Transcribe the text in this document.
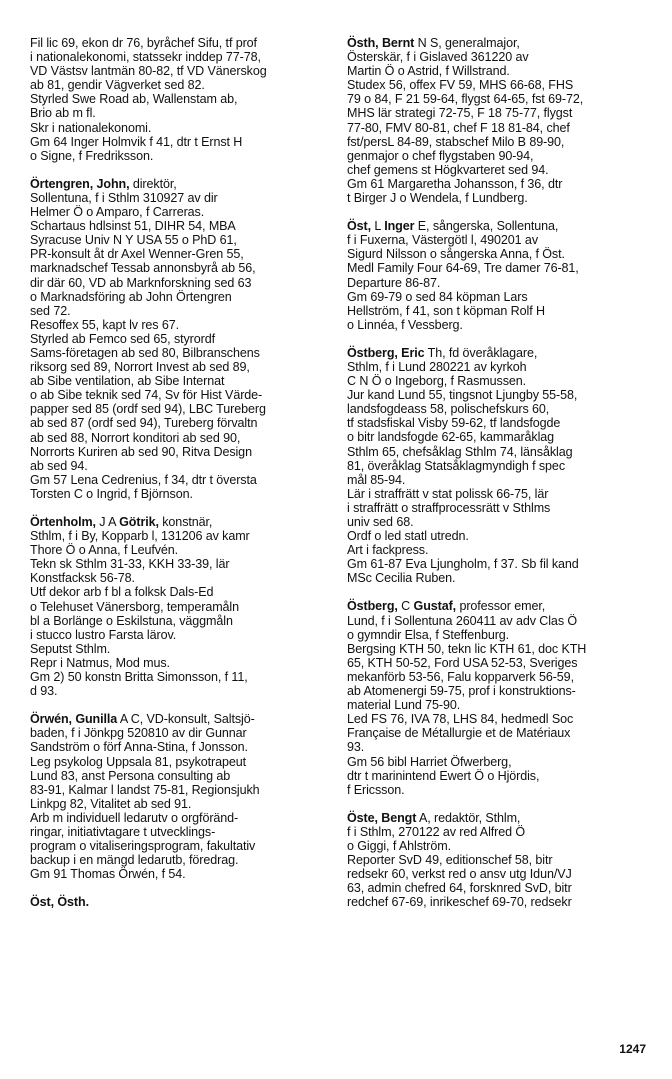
Fil lic 69, ekon dr 76, byråchef Sifu, tf prof
i nationalekonomi, statssekr inddep 77-78,
VD Västsv lantmän 80-82, tf VD Vänerskog
ab 81, gendir Vägverket sed 82.
Styrled Swe Road ab, Wallenstam ab,
Brio ab m fl.
Skr i nationalekonomi.
Gm 64 Inger Holmvik f 41, dtr t Ernst H
o Signe, f Fredriksson.
Örtengren, John, direktör,
Sollentuna, f i Sthlm 310927 av dir
Helmer Ö o Amparo, f Carreras.
Schartaus hdlsinst 51, DIHR 54, MBA
Syracuse Univ N Y USA 55 o PhD 61,
PR-konsult åt dr Axel Wenner-Gren 55,
marknadschef Tessab annonsbyrå ab 56,
dir där 60, VD ab Marknforskning sed 63
o Marknadsföring ab John Örtengren
sed 72.
Resoffex 55, kapt lv res 67.
Styrled ab Femco sed 65, styrordf
Sams-företagen ab sed 80, Bilbranschens
riksorg sed 89, Norrort Invest ab sed 89,
ab Sibe ventilation, ab Sibe Internat
o ab Sibe teknik sed 74, Sv för Hist Värde-
papper sed 85 (ordf sed 94), LBC Tureberg
ab sed 87 (ordf sed 94), Tureberg förvaltn
ab sed 88, Norrort konditori ab sed 90,
Norrorts Kuriren ab sed 90, Ritva Design
ab sed 94.
Gm 57 Lena Cedrenius, f 34, dtr t översta
Torsten C o Ingrid, f Björnson.
Örtenholm, J A Götrik, konstnär,
Sthlm, f i By, Kopparb l, 131206 av kamr
Thore Ö o Anna, f Leufvén.
Tekn sk Sthlm 31-33, KKH 33-39, lär
Konstfacksk 56-78.
Utf dekor arb f bl a folksk Dals-Ed
o Telehuset Vänersborg, temperamåln
bl a Borlänge o Eskilstuna, väggmåln
i stucco lustro Farsta lärov.
Seputst Sthlm.
Repr i Natmus, Mod mus.
Gm 2) 50 konstn Britta Simonsson, f 11,
d 93.
Örwén, Gunilla A C, VD-konsult, Saltsjö-
baden, f i Jönkpg 520810 av dir Gunnar
Sandström o förf Anna-Stina, f Jonsson.
Leg psykolog Uppsala 81, psykotrapeut
Lund 83, anst Persona consulting ab
83-91, Kalmar l landst 75-81, Regionsjukh
Linkpg 82, Vitalitet ab sed 91.
Arb m individuell ledarutv o orgföränd-
ringar, initiativtagare t utvecklings-
program o vitaliseringsprogram, fakultativ
backup i en mängd ledarutb, föredrag.
Gm 91 Thomas Örwén, f 54.
Öst, Östh.
Östh, Bernt N S, generalmajor,
Österskär, f i Gislaved 361220 av
Martin Ö o Astrid, f Willstrand.
Studex 56, offex FV 59, MHS 66-68, FHS
79 o 84, F 21 59-64, flygst 64-65, fst 69-72,
MHS lär strategi 72-75, F 18 75-77, flygst
77-80, FMV 80-81, chef F 18 81-84, chef
fst/persL 84-89, stabschef Milo B 89-90,
genmajor o chef flygstaben 90-94,
chef gemens st Högkvarteret sed 94.
Gm 61 Margaretha Johansson, f 36, dtr
t Birger J o Wendela, f Lundberg.
Öst, L Inger E, sångerska, Sollentuna,
f i Fuxerna, Västergötl l, 490201 av
Sigurd Nilsson o sångerska Anna, f Öst.
Medl Family Four 64-69, Tre damer 76-81,
Departure 86-87.
Gm 69-79 o sed 84 köpman Lars
Hellström, f 41, son t köpman Rolf H
o Linnéa, f Vessberg.
Östberg, Eric Th, fd överåklagare,
Sthlm, f i Lund 280221 av kyrkoh
C N Ö o Ingeborg, f Rasmussen.
Jur kand Lund 55, tingsnot Ljungby 55-58,
landsfogdeass 58, polischefskurs 60,
tf stadsfiskal Visby 59-62, tf landsfogde
o bitr landsfogde 62-65, kammaråklag
Sthlm 65, chefsåklag Sthlm 74, länsåklag
81, överåklag Statsåklagmyndigh f spec
mål 85-94.
Lär i straffrätt v stat polissk 66-75, lär
i straffrätt o straffprocessrätt v Sthlms
univ sed 68.
Ordf o led statl utredn.
Art i fackpress.
Gm 61-87 Eva Ljungholm, f 37. Sb fil kand
MSc Cecilia Ruben.
Östberg, C Gustaf, professor emer,
Lund, f i Sollentuna 260411 av adv Clas Ö
o gymndir Elsa, f Steffenburg.
Bergsing KTH 50, tekn lic KTH 61, doc KTH
65, KTH 50-52, Ford USA 52-53, Sveriges
mekanförb 53-56, Falu kopparverk 56-59,
ab Atomenergi 59-75, prof i konstruktions-
material Lund 75-90.
Led FS 76, IVA 78, LHS 84, hedmedl Soc
Française de Métallurgie et de Matériaux
93.
Gm 56 bibl Harriet Öfwerberg,
dtr t marinintend Ewert Ö o Hjördis,
f Ericsson.
Öste, Bengt A, redaktör, Sthlm,
f i Sthlm, 270122 av red Alfred Ö
o Giggi, f Ahlström.
Reporter SvD 49, editionschef 58, bitr
redsekr 60, verkst red o ansv utg Idun/VJ
63, admin chefred 64, forsknred SvD, bitr
redchef 67-69, inrikeschef 69-70, redsekr
1247
